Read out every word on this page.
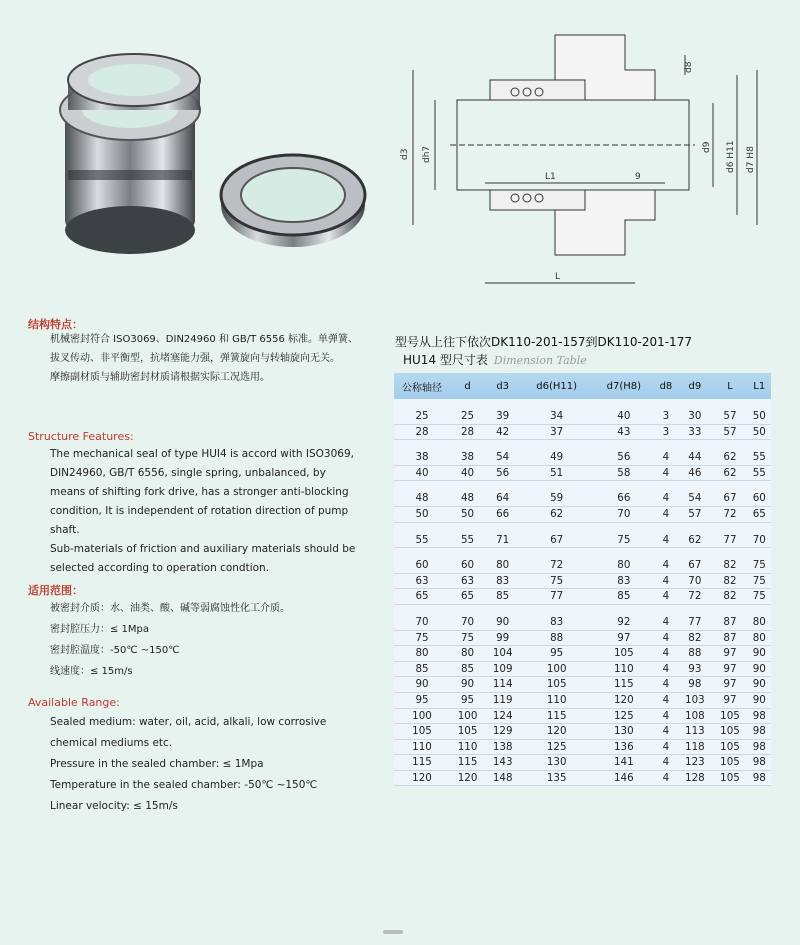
d3 dh7
d8
d9 d6 H11 d7 H8
L1	9
L
结构特点：

机械密封符合 ISO3069、DIN24960 和 GB/T 6556 标准。单弹簧、拔叉传动、非平衡型，抗堵塞能力强，弹簧旋向与转轴旋向无关。

摩擦副材质与辅助密封材质请根据实际工况选用。

Structure Features:

The mechanical seal of type HUI4 is accord with ISO3069, DIN24960, GB/T 6556, single spring, unbalanced, by means of shifting fork drive, has a stronger anti-blocking condition, It is independent of rotation direction of pump shaft.

Sub-materials of friction and auxiliary materials should be selected according to operation condtion.

适用范围：

被密封介质：水、油类、酸、碱等弱腐蚀性化工介质。

密封腔压力：≤ 1Mpa

密封腔温度：-50℃ ~150℃

线速度：≤ 15m/s

Available Range:

Sealed medium: water, oil, acid, alkali, low corrosive chemical mediums etc.

Pressure in the sealed chamber: ≤ 1Mpa

Temperature in the sealed chamber: -50℃ ~150℃

Linear velocity: ≤ 15m/s

型号从上往下依次DK110-201-157到DK110-201-177
HU14 型尺寸表 Dimension Table
公称轴径	d	d3	d6(H11)	d7(H8)	d8	d9	L	L1

25	25	39	34	40	3	30	57	50
28	28	42	37	43	3	33	57	50

38	38	54	49	56	4	44	62	55
40	40	56	51	58	4	46	62	55

48	48	64	59	66	4	54	67	60
50	50	66	62	70	4	57	72	65

55	55	71	67	75	4	62	77	70

60	60	80	72	80	4	67	82	75
63	63	83	75	83	4	70	82	75
65	65	85	77	85	4	72	82	75

70	70	90	83	92	4	77	87	80
75	75	99	88	97	4	82	87	80
80	80	104	95	105	4	88	97	90
85	85	109	100	110	4	93	97	90
90	90	114	105	115	4	98	97	90
95	95	119	110	120	4	103	97	90
100	100	124	115	125	4	108	105	98
105	105	129	120	130	4	113	105	98
110	110	138	125	136	4	118	105	98
115	115	143	130	141	4	123	105	98
120	120	148	135	146	4	128	105	98
